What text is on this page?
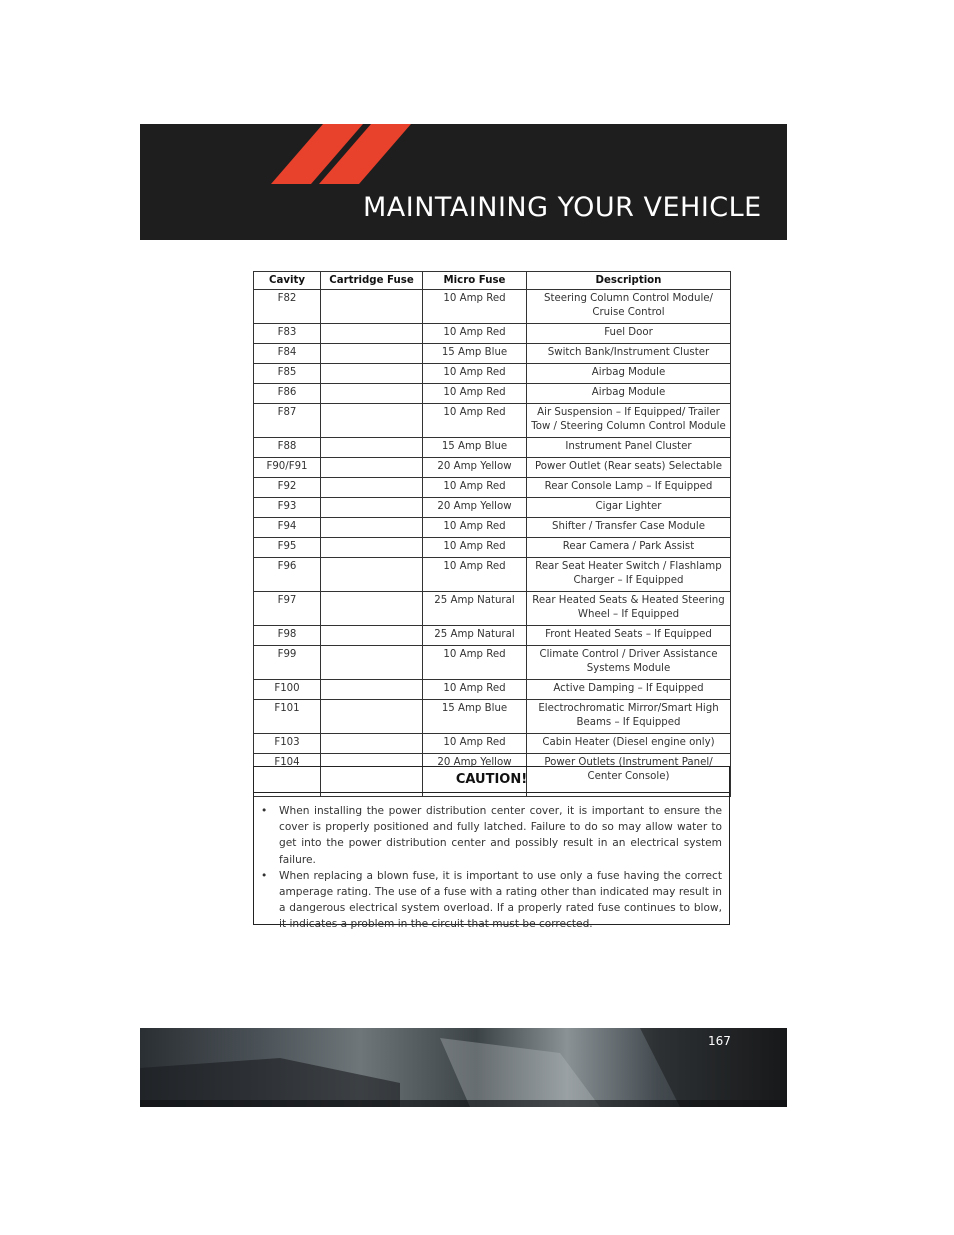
MAINTAINING YOUR VEHICLE
Cavity	Cartridge Fuse	Micro Fuse	Description
F82		10 Amp Red	Steering Column Control Module/ Cruise Control
F83		10 Amp Red	Fuel Door
F84		15 Amp Blue	Switch Bank/Instrument Cluster
F85		10 Amp Red	Airbag Module
F86		10 Amp Red	Airbag Module
F87		10 Amp Red	Air Suspension – If Equipped/ Trailer Tow / Steering Column Control Module
F88		15 Amp Blue	Instrument Panel Cluster
F90/F91		20 Amp Yellow	Power Outlet (Rear seats) Selectable
F92		10 Amp Red	Rear Console Lamp – If Equipped
F93		20 Amp Yellow	Cigar Lighter
F94		10 Amp Red	Shifter / Transfer Case Module
F95		10 Amp Red	Rear Camera / Park Assist
F96		10 Amp Red	Rear Seat Heater Switch / Flashlamp Charger – If Equipped
F97		25 Amp Natural	Rear Heated Seats & Heated Steering Wheel – If Equipped
F98		25 Amp Natural	Front Heated Seats – If Equipped
F99		10 Amp Red	Climate Control / Driver Assistance Systems Module
F100		10 Amp Red	Active Damping – If Equipped
F101		15 Amp Blue	Electrochromatic Mirror/Smart High Beams – If Equipped
F103		10 Amp Red	Cabin Heater (Diesel engine only)
F104		20 Amp Yellow	Power Outlets (Instrument Panel/ Center Console)
CAUTION!
• When installing the power distribution center cover, it is important to ensure the cover is properly positioned and fully latched. Failure to do so may allow water to get into the power distribution center and possibly result in an electrical system failure.
• When replacing a blown fuse, it is important to use only a fuse having the correct amperage rating. The use of a fuse with a rating other than indicated may result in a dangerous electrical system overload. If a properly rated fuse continues to blow, it indicates a problem in the circuit that must be corrected.
167
